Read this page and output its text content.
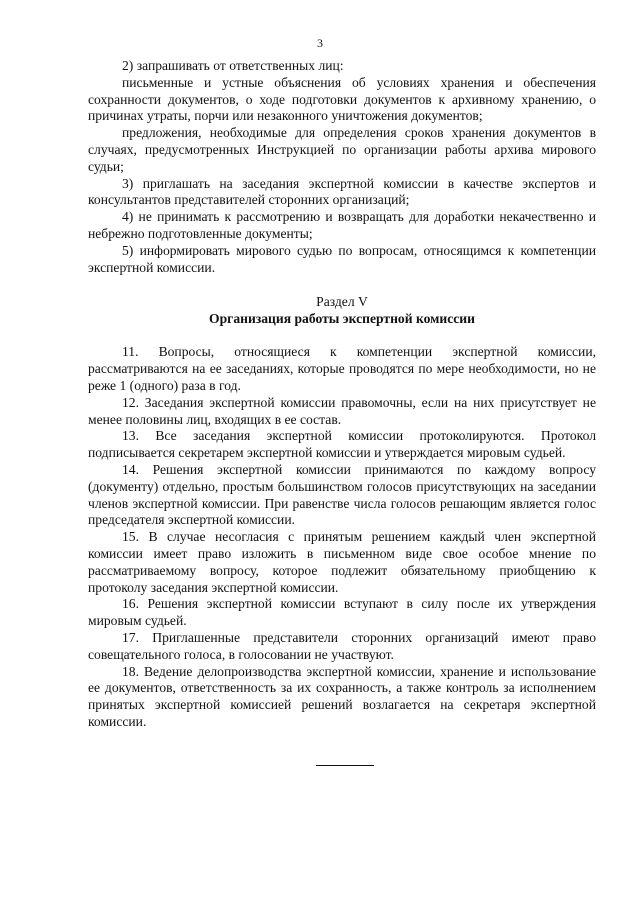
3

2) запрашивать от ответственных лиц:

письменные и устные объяснения об условиях хранения и обеспечения сохранности документов, о ходе подготовки документов к архивному хранению, о причинах утраты, порчи или незаконного уничтожения документов;

предложения, необходимые для определения сроков хранения документов в случаях, предусмотренных Инструкцией по организации работы архива мирового судьи;

3) приглашать на заседания экспертной комиссии в качестве экспертов и консультантов представителей сторонних организаций;

4) не принимать к рассмотрению и возвращать для доработки некачественно и небрежно подготовленные документы;

5) информировать мирового судью по вопросам, относящимся к компетенции экспертной комиссии.

Раздел V
Организация работы экспертной комиссии

11. Вопросы, относящиеся к компетенции экспертной комиссии, рассматриваются на ее заседаниях, которые проводятся по мере необходимости, но не реже 1 (одного) раза в год.

12. Заседания экспертной комиссии правомочны, если на них присутствует не менее половины лиц, входящих в ее состав.

13. Все заседания экспертной комиссии протоколируются. Протокол подписывается секретарем экспертной комиссии и утверждается мировым судьей.

14. Решения экспертной комиссии принимаются по каждому вопросу (документу) отдельно, простым большинством голосов присутствующих на заседании членов экспертной комиссии. При равенстве числа голосов решающим является голос председателя экспертной комиссии.

15. В случае несогласия с принятым решением каждый член экспертной комиссии имеет право изложить в письменном виде свое особое мнение по рассматриваемому вопросу, которое подлежит обязательному приобщению к протоколу заседания экспертной комиссии.

16. Решения экспертной комиссии вступают в силу после их утверждения мировым судьей.

17. Приглашенные представители сторонних организаций имеют право совещательного голоса, в голосовании не участвуют.

18. Ведение делопроизводства экспертной комиссии, хранение и использование ее документов, ответственность за их сохранность, а также контроль за исполнением принятых экспертной комиссией решений возлагается на секретаря экспертной комиссии.
